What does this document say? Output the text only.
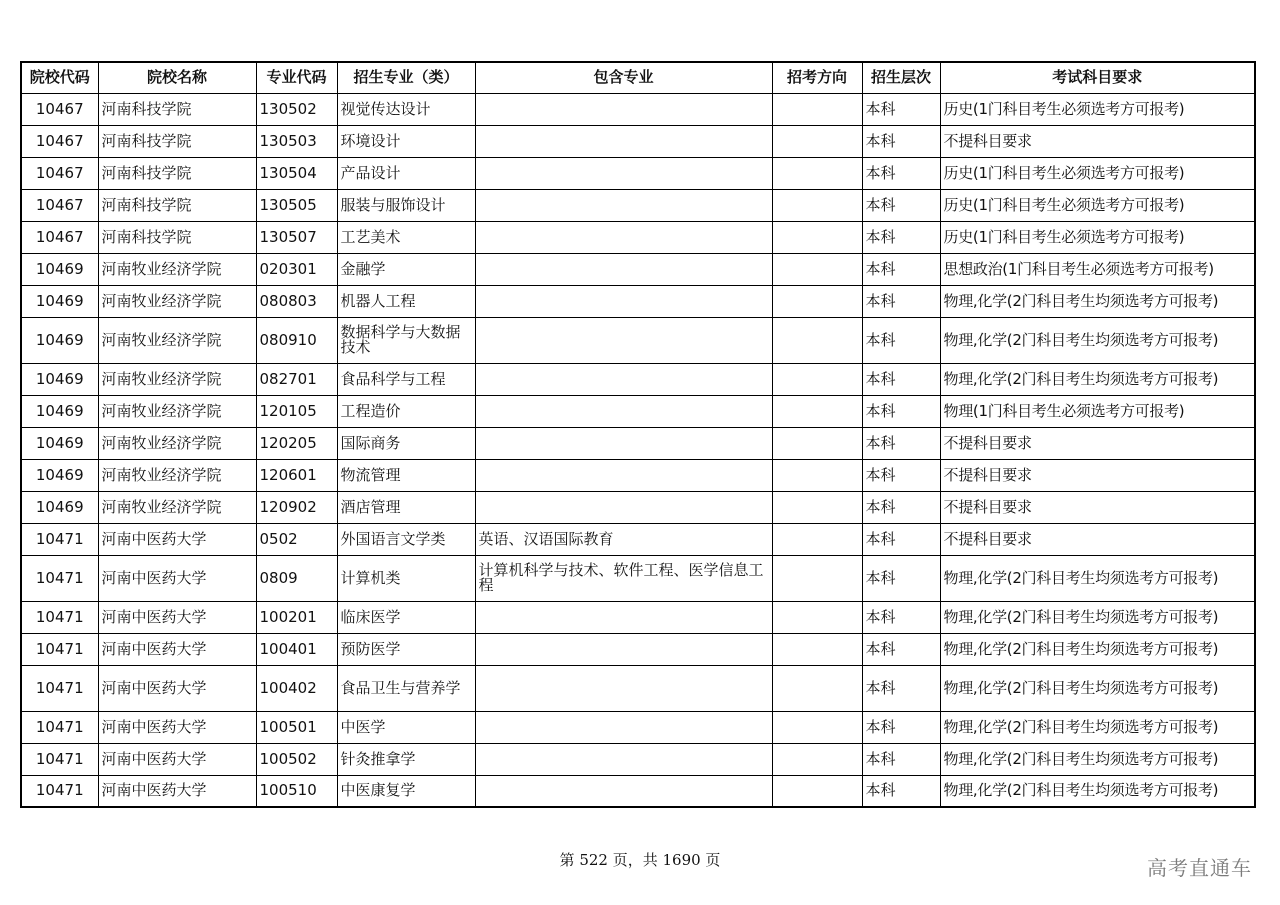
院校代码	院校名称	专业代码	招生专业（类）	包含专业	招考方向	招生层次	考试科目要求
10467	河南科技学院	130502	视觉传达设计			本科	历史(1门科目考生必须选考方可报考)
10467	河南科技学院	130503	环境设计			本科	不提科目要求
10467	河南科技学院	130504	产品设计			本科	历史(1门科目考生必须选考方可报考)
10467	河南科技学院	130505	服装与服饰设计			本科	历史(1门科目考生必须选考方可报考)
10467	河南科技学院	130507	工艺美术			本科	历史(1门科目考生必须选考方可报考)
10469	河南牧业经济学院	020301	金融学			本科	思想政治(1门科目考生必须选考方可报考)
10469	河南牧业经济学院	080803	机器人工程			本科	物理,化学(2门科目考生均须选考方可报考)
10469	河南牧业经济学院	080910	数据科学与大数据技术			本科	物理,化学(2门科目考生均须选考方可报考)
10469	河南牧业经济学院	082701	食品科学与工程			本科	物理,化学(2门科目考生均须选考方可报考)
10469	河南牧业经济学院	120105	工程造价			本科	物理(1门科目考生必须选考方可报考)
10469	河南牧业经济学院	120205	国际商务			本科	不提科目要求
10469	河南牧业经济学院	120601	物流管理			本科	不提科目要求
10469	河南牧业经济学院	120902	酒店管理			本科	不提科目要求
10471	河南中医药大学	0502	外国语言文学类	英语、汉语国际教育		本科	不提科目要求
10471	河南中医药大学	0809	计算机类	计算机科学与技术、软件工程、医学信息工程		本科	物理,化学(2门科目考生均须选考方可报考)
10471	河南中医药大学	100201	临床医学			本科	物理,化学(2门科目考生均须选考方可报考)
10471	河南中医药大学	100401	预防医学			本科	物理,化学(2门科目考生均须选考方可报考)
10471	河南中医药大学	100402	食品卫生与营养学			本科	物理,化学(2门科目考生均须选考方可报考)
10471	河南中医药大学	100501	中医学			本科	物理,化学(2门科目考生均须选考方可报考)
10471	河南中医药大学	100502	针灸推拿学			本科	物理,化学(2门科目考生均须选考方可报考)
10471	河南中医药大学	100510	中医康复学			本科	物理,化学(2门科目考生均须选考方可报考)
第 522 页，共 1690 页	高考直通车
